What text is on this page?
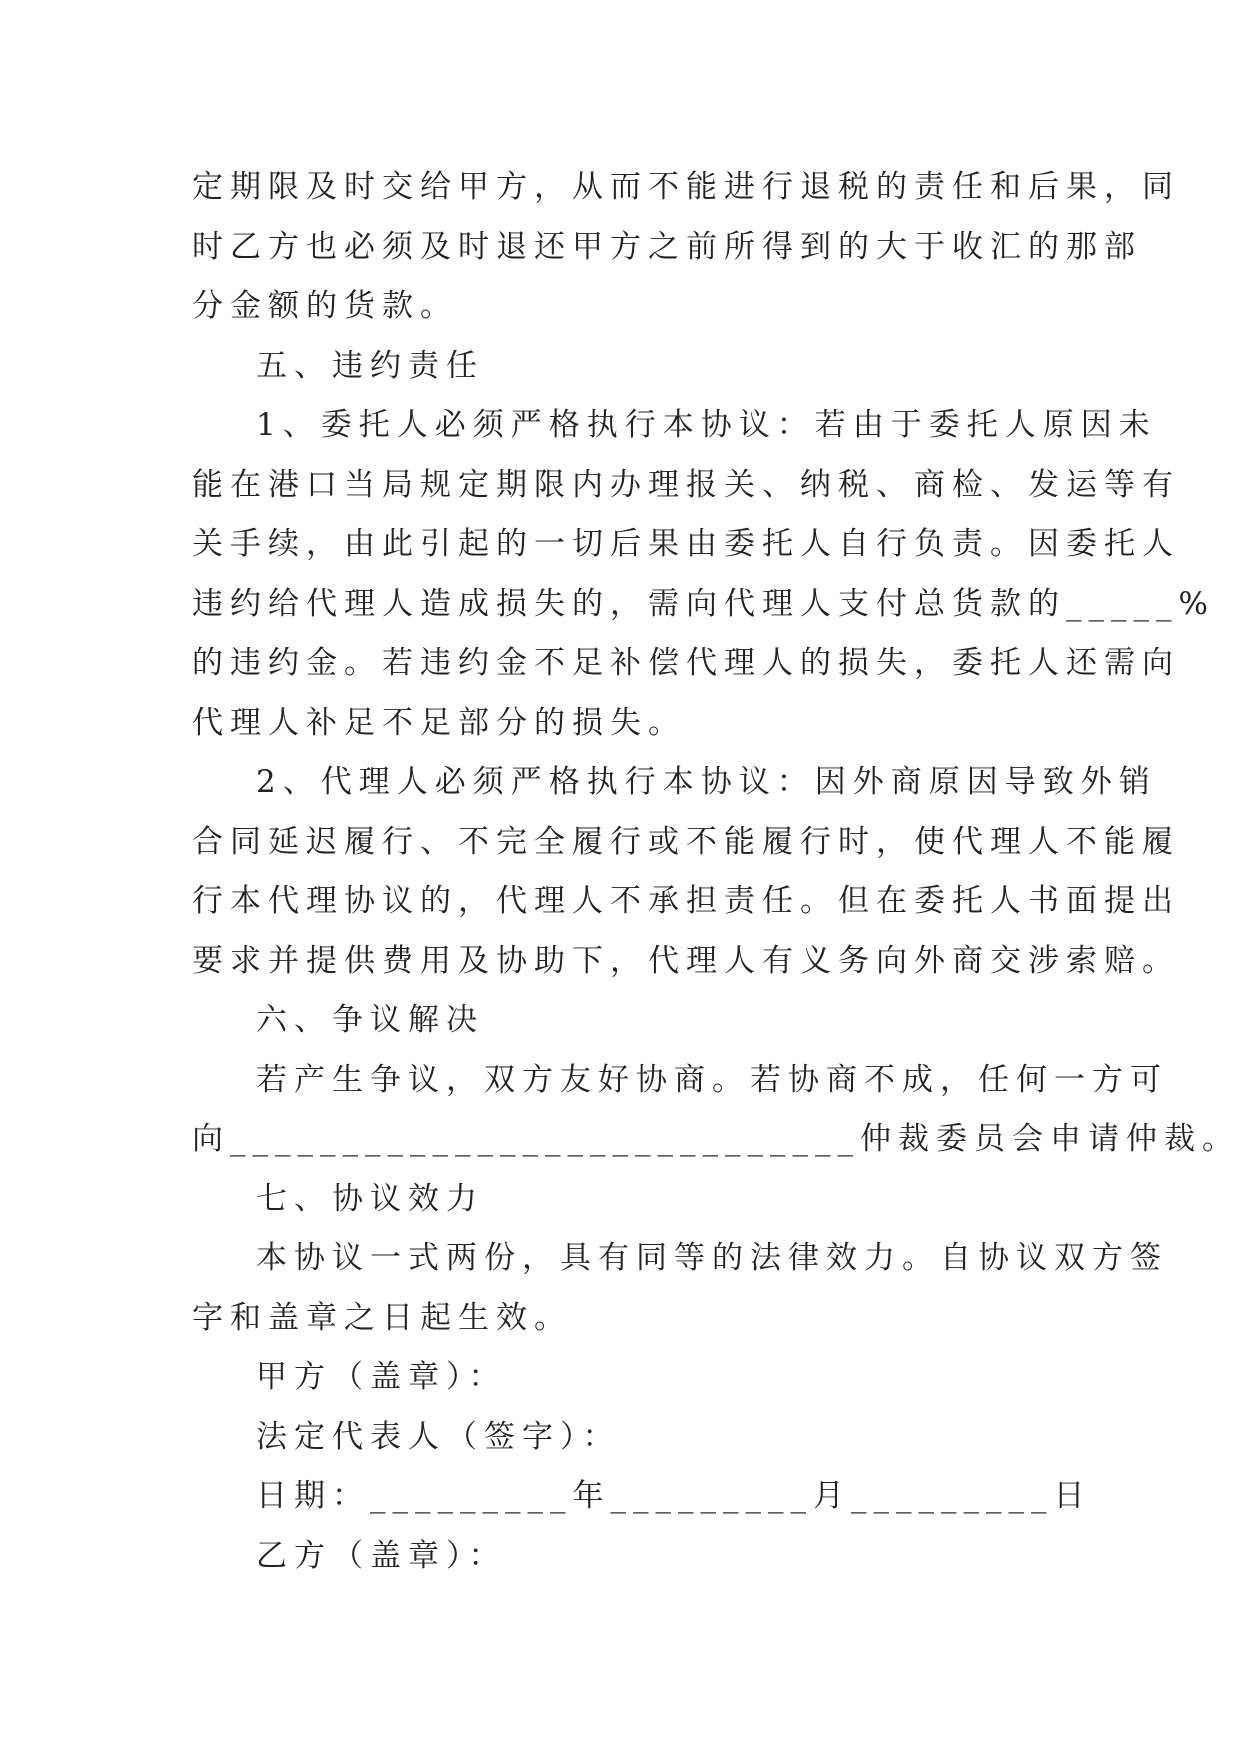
定期限及时交给甲方，从而不能进行退税的责任和后果，同
时乙方也必须及时退还甲方之前所得到的大于收汇的那部
分金额的货款。
五、违约责任
1、委托人必须严格执行本协议：若由于委托人原因未
能在港口当局规定期限内办理报关、纳税、商检、发运等有
关手续，由此引起的一切后果由委托人自行负责。因委托人
违约给代理人造成损失的，需向代理人支付总货款的_____%
的违约金。若违约金不足补偿代理人的损失，委托人还需向
代理人补足不足部分的损失。
2、代理人必须严格执行本协议：因外商原因导致外销
合同延迟履行、不完全履行或不能履行时，使代理人不能履
行本代理协议的，代理人不承担责任。但在委托人书面提出
要求并提供费用及协助下，代理人有义务向外商交涉索赔。
六、争议解决
若产生争议，双方友好协商。若协商不成，任何一方可
向____________________________仲裁委员会申请仲裁。
七、协议效力
本协议一式两份，具有同等的法律效力。自协议双方签
字和盖章之日起生效。
甲方（盖章）：
法定代表人（签字）：
日期：_________年_________月_________日
乙方（盖章）：
